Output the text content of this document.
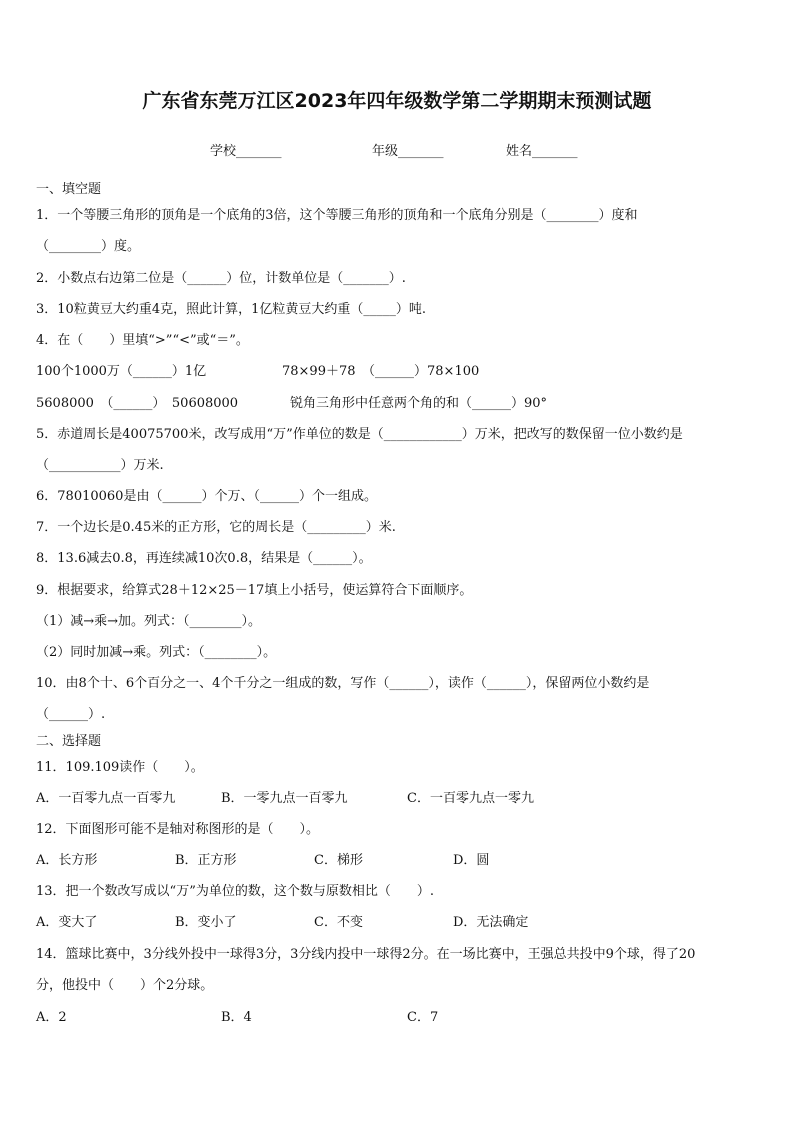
广东省东莞万江区2023年四年级数学第二学期期末预测试题
学校_______	年级_______	姓名_______
一、填空题
1．一个等腰三角形的顶角是一个底角的3倍，这个等腰三角形的顶角和一个底角分别是（________）度和
（________）度。
2．小数点右边第二位是（______）位，计数单位是（_______）.
3．10粒黄豆大约重4克，照此计算，1亿粒黄豆大约重（_____）吨.
4．在（　　）里填“>”“<”或“＝”。
100个1000万（______）1亿	78×99＋78　（______）78×100
5608000　（______）　50608000	锐角三角形中任意两个角的和（______）90°
5．赤道周长是40075700米，改写成用“万”作单位的数是（____________）万米，把改写的数保留一位小数约是
（___________）万米.
6．78010060是由（______）个万、（______）个一组成。
7．一个边长是0.45米的正方形，它的周长是（_________）米.
8．13.6减去0.8，再连续减10次0.8，结果是（______）。
9．根据要求，给算式28＋12×25－17填上小括号，使运算符合下面顺序。
（1）减→乘→加。列式：（________）。
（2）同时加减→乘。列式：（________）。
10．由8个十、6个百分之一、4个千分之一组成的数，写作（______），读作（______），保留两位小数约是
（______）.
二、选择题
11．109.109读作（　　）。
A．一百零九点一百零九	B．一零九点一百零九	C．一百零九点一零九
12．下面图形可能不是轴对称图形的是（　　）。
A．长方形	B．正方形	C．梯形	D．圆
13．把一个数改写成以“万”为单位的数，这个数与原数相比（　　）.
A．变大了	B．变小了	C．不变	D．无法确定
14．篮球比赛中，3分线外投中一球得3分，3分线内投中一球得2分。在一场比赛中，王强总共投中9个球，得了20
分，他投中（　　）个2分球。
A．2	B．4	C．7
